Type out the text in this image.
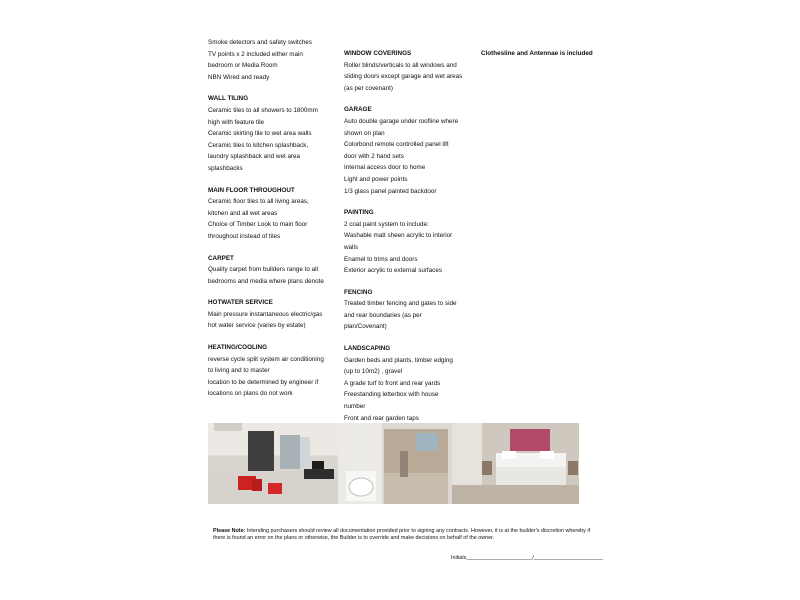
Smoke detectors and safety switches
TV points x 2 included either main
bedroom or Media Room
NBN Wired and ready
WALL TILING
Ceramic tiles to all showers to 1800mm
high with feature tile
Ceramic skirting tile to wet area walls
Ceramic tiles to kitchen splashback,
laundry splashback and wet area
splashbacks
MAIN FLOOR THROUGHOUT
Ceramic floor tiles to all living areas,
kitchen and all wet areas
Choice of Timber Look to main floor
throughout instead of tiles
CARPET
Quality carpet from builders range to all
bedrooms and media where plans denote
HOTWATER SERVICE
Main pressure instantaneous electric/gas
hot water service (varies by estate)
HEATING/COOLING
reverse cycle split system air conditioning
to living and to master
location to be determined by engineer if
locations on plans do not work
WINDOW COVERINGS
Roller blinds/verticals to all windows and
sliding doors except garage and wet areas
(as per covenant)
GARAGE
Auto double garage under roofline where
shown on plan
Colorbond remote controlled panel lift
door with 2 hand sets
Internal access door to home
Light and power points
1/3 glass panel painted backdoor
PAINTING
2 coat paint system to include:
Washable matt sheen acrylic to interior
walls
Enamel to trims and doors
Exterior acrylic to external surfaces
FENCING
Treated timber fencing and gates to side
and rear boundaries (as per
plan/Covenant)
LANDSCAPING
Garden beds and plants, timber edging
(up to 10m2) , gravel
A grade turf to front and rear yards
Freestanding letterbox with house
number
Front and rear garden taps
Clothesline and Antennae is included
Please Note: Intending purchasers should review all documentation provided prior to signing any contracts. However, it is at the builder's discretion whereby if there is found an error on the plans or otherwise, the Builder is to override and make decisions on behalf of the owner.
Initials______________________/_______________________
